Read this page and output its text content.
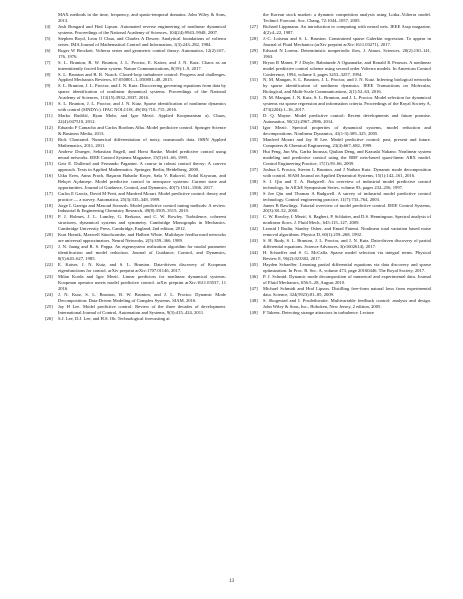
MAX methods in the time, frequency, and spatio-temporal domains. John Wiley & Sons, 2013.
[4] Josh Bongard and Hod Lipson. Automated reverse engineering of nonlinear dynamical systems. Proceedings of the National Academy of Sciences, 104(24):9943–9948, 2007.
[5] Stephen Boyd, Leon O Chua, and Charles A Desoer. Analytical foundations of volterra series. IMA Journal of Mathematical Control and Information, 1(3):243–282, 1984.
[6] Roger W Brockett. Volterra series and geometric control theory. Automatica, 12(2):167–176, 1976.
[7] S. L. Brunton, B. W. Brunton, J. L. Proctor, E. Kaiser, and J. N. Kutz. Chaos as an intermittently forced linear system. Nature Communications, 8(19):1–9, 2017.
[8] S. L. Brunton and B. R. Noack. Closed-loop turbulence control: Progress and challenges. Applied Mechanics Reviews, 67:050801–1–050801–48, 2015.
[9] S. L. Brunton, J. L. Proctor, and J. N. Kutz. Discovering governing equations from data by sparse identification of nonlinear dynamical systems. Proceedings of the National Academy of Sciences, 113(15):3932–3937, 2016.
[10] S. L. Brunton, J. L. Proctor, and J. N. Kutz. Sparse identification of nonlinear dynamics with control (SINDYc). IFAC NOLCOS, 49(18):710–715, 2016.
[11] Marko Budišić, Ryan Mohr, and Igor Mezić. Applied Koopmanism a). Chaos, 22(4):047510, 2012.
[12] Eduardo F Camacho and Carlos Bordons Alba. Model predictive control. Springer Science & Business Media, 2013.
[13] Rick Chartrand. Numerical differentiation of noisy, nonsmooth data. ISRN Applied Mathematics, 2011, 2011.
[14] Andrew Draeger, Sebastian Engell, and Horst Ranke. Model predictive control using neural networks. IEEE Control Systems Magazine, 15(5):61–66, 1995.
[15] Geir E. Dullerud and Fernando Paganini. A course in robust control theory: A convex approach. Texts in Applied Mathematics. Springer, Berlin, Heidelberg, 2000.
[16] Utku Eren, Anna Prach, Başaran Bahadır Koçer, Saša V. Raković, Erdal Kayacan, and Behçet Açıkmeşe. Model predictive control in aerospace systems: Current state and opportunities. Journal of Guidance, Control, and Dynamics, 40(7):1541–1566, 2017.
[17] Carlos E García, David M Prett, and Manfred Morari. Model predictive control: theory and practice — a survey. Automatica, 25(3):335–348, 1989.
[18] Jorge L Garriga and Masoud Soroush. Model predictive control tuning methods: A review. Industrial & Engineering Chemistry Research, 49(8):3505–3515, 2010.
[19] P. J. Holmes, J. L. Lumley, G. Berkooz, and C. W. Rowley. Turbulence, coherent structures, dynamical systems and symmetry. Cambridge Monographs in Mechanics. Cambridge University Press, Cambridge, England, 2nd edition, 2012.
[20] Kurt Hornik, Maxwell Stinchcombe, and Halbert White. Multilayer feedforward networks are universal approximators. Neural Networks, 2(5):359–366, 1989.
[21] J. N. Juang and R. S. Pappa. An eigensystem realization algorithm for modal parameter identification and model reduction. Journal of Guidance, Control, and Dynamics, 8(5):620–627, 1985.
[22] E. Kaiser, J. N. Kutz, and S. L. Brunton. Data-driven discovery of Koopman eigenfunctions for control. arXiv preprint arXiv:1707.01146, 2017.
[23] Milan Korda and Igor Mezić. Linear predictors for nonlinear dynamical systems: Koopman operator meets model predictive control. arXiv preprint arXiv:1611.03537, 11 2016.
[24] J. N. Kutz, S. L. Brunton, B. W. Brunton, and J. L. Proctor. Dynamic Mode Decomposition: Data-Driven Modeling of Complex Systems. SIAM, 2016.
[25] Jay H Lee. Model predictive control: Review of the three decades of development. International Journal of Control, Automation and Systems, 9(3):415–424, 2011.
[26] S.J. Lee, D.J. Lee, and H.S. Oh. Technological forecasting at
the Korean stock market: a dynamic competition analysis using Lotka–Volterra model. Technol. Forecast. Soc. Chang, 72:1044–1057, 2005.
[27] Richard Lippmann. An introduction to computing with neural nets. IEEE Assp magazine, 4(2):4–22, 1987.
[28] J.-C. Loiseau and S. L. Brunton. Constrained sparse Galerkin regression. To appear in Journal of Fluid Mechanics (arXiv preprint arXiv:1611.03271), 2017.
[29] Edward N Lorenz. Deterministic nonperiodic flow. J. Atmos. Sciences, 20(2):130–141, 1963.
[30] Bryon R Maner, F J Doyle, Babatunde A Ogunnaike, and Ronald K Pearson. A nonlinear model predictive control scheme using second order Volterra models. In American Control Conference, 1994, volume 3, pages 3253–3257, 1994.
[31] N. M. Mangan, S. L. Brunton, J. L. Proctor, and J. N. Kutz. Inferring biological networks by sparse identification of nonlinear dynamics. IEEE Transactions on Molecular, Biological, and Multi-Scale Communications, 2(1):52–63, 2016.
[32] N. M. Mangan, J. N. Kutz, S. L. Brunton, and J. L. Proctor. Model selection for dynamical systems via sparse regression and information criteria. Proceedings of the Royal Society A, 473(2204):1–16, 2017.
[33] D. Q. Mayne. Model predictive control: Recent developments and future promise. Automatica, 50(12):2967–2986, 2014.
[34] Igor Mezić. Spectral properties of dynamical systems, model reduction and decompositions. Nonlinear Dynamics, 41(1-3):309–325, 2005.
[35] Manfred Morari and Jay H Lee. Model predictive control: past, present and future. Computers & Chemical Engineering, 23(4):667–682, 1999.
[36] Hui Peng, Jun Wu, Garba Inoussa, Qiulian Deng, and Kazushi Nakano. Nonlinear system modeling and predictive control using the RBF nets-based quasi-linear ARX model. Control Engineering Practice, 17(1):59–66, 2009.
[37] Joshua L Proctor, Steven L Brunton, and J Nathan Kutz. Dynamic mode decomposition with control. SIAM Journal on Applied Dynamical Systems, 15(1):142–161, 2016.
[38] S. J. Qin and T. A. Badgwell. An overview of industrial model predictive control technology. In AIChE Symposium Series, volume 93, pages 232–256, 1997.
[39] S Joe Qin and Thomas A Badgwell. A survey of industrial model predictive control technology. Control engineering practice, 11(7):733–764, 2003.
[40] James B Rawlings. Tutorial overview of model predictive control. IEEE Control Systems, 20(3):38–52, 2000.
[41] C. W. Rowley, I. Mezić, S. Bagheri, P. Schlatter, and D.S. Henningson. Spectral analysis of nonlinear flows. J. Fluid Mech., 645:115–127, 2009.
[42] Leonid I Rudin, Stanley Osher, and Emad Fatemi. Nonlinear total variation based noise removal algorithms. Physica D, 60(1):259–268, 1992.
[43] S. H. Rudy, S. L. Brunton, J. L. Proctor, and J. N. Kutz. Data-driven discovery of partial differential equations. Science Advances, 3(e1602614), 2017.
[44] H. Schaeffer and S. G. McCalla. Sparse model selection via integral terms. Physical Review E, 96(2):023302, 2017.
[45] Hayden Schaeffer. Learning partial differential equations via data discovery and sparse optimization. In Proc. R. Soc. A, volume 473, page 20160446. The Royal Society, 2017.
[46] P. J. Schmid. Dynamic mode decomposition of numerical and experimental data. Journal of Fluid Mechanics, 656:5–28, August 2010.
[47] Michael Schmidt and Hod Lipson. Distilling free-form natural laws from experimental data. Science, 324(5923):81–85, 2009.
[48] S. Skogestad and I. Postlethwaite. Multivariable feedback control: analysis and design. John Wiley & Sons, Inc., Hoboken, New Jersey, 2 edition, 2005.
[49] F Takens. Detecting strange attractors in turbulence. Lecture
13
